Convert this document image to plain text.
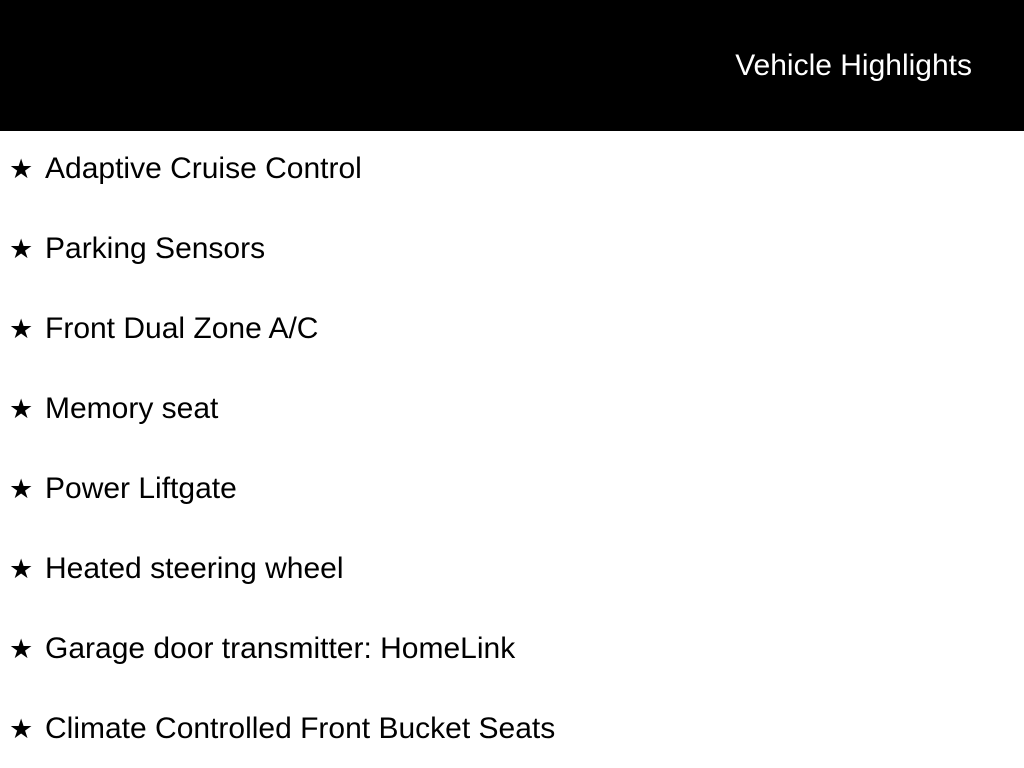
Vehicle Highlights
★ Adaptive Cruise Control
★ Parking Sensors
★ Front Dual Zone A/C
★ Memory seat
★ Power Liftgate
★ Heated steering wheel
★ Garage door transmitter: HomeLink
★ Climate Controlled Front Bucket Seats
